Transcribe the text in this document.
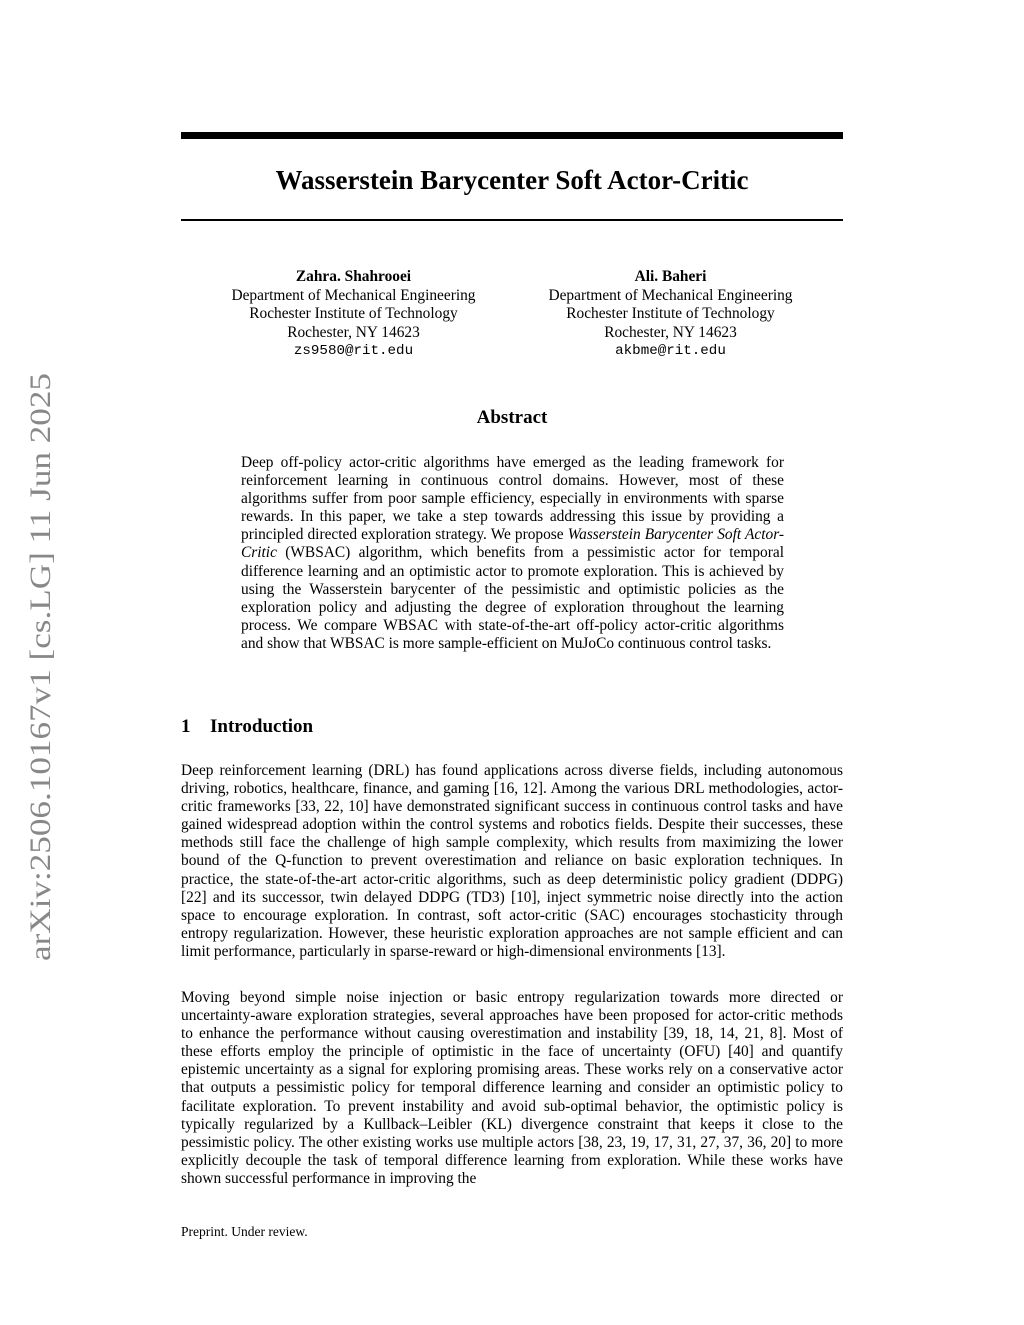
arXiv:2506.10167v1 [cs.LG] 11 Jun 2025
Wasserstein Barycenter Soft Actor-Critic
Zahra. Shahrooei
Department of Mechanical Engineering
Rochester Institute of Technology
Rochester, NY 14623
zs9580@rit.edu
Ali. Baheri
Department of Mechanical Engineering
Rochester Institute of Technology
Rochester, NY 14623
akbme@rit.edu
Abstract
Deep off-policy actor-critic algorithms have emerged as the leading framework for reinforcement learning in continuous control domains. However, most of these algorithms suffer from poor sample efficiency, especially in environments with sparse rewards. In this paper, we take a step towards addressing this issue by providing a principled directed exploration strategy. We propose Wasserstein Barycenter Soft Actor-Critic (WBSAC) algorithm, which benefits from a pessimistic actor for temporal difference learning and an optimistic actor to promote exploration. This is achieved by using the Wasserstein barycenter of the pessimistic and optimistic policies as the exploration policy and adjusting the degree of exploration throughout the learning process. We compare WBSAC with state-of-the-art off-policy actor-critic algorithms and show that WBSAC is more sample-efficient on MuJoCo continuous control tasks.
1 Introduction
Deep reinforcement learning (DRL) has found applications across diverse fields, including autonomous driving, robotics, healthcare, finance, and gaming [16, 12]. Among the various DRL methodologies, actor-critic frameworks [33, 22, 10] have demonstrated significant success in continuous control tasks and have gained widespread adoption within the control systems and robotics fields. Despite their successes, these methods still face the challenge of high sample complexity, which results from maximizing the lower bound of the Q-function to prevent overestimation and reliance on basic exploration techniques. In practice, the state-of-the-art actor-critic algorithms, such as deep deterministic policy gradient (DDPG) [22] and its successor, twin delayed DDPG (TD3) [10], inject symmetric noise directly into the action space to encourage exploration. In contrast, soft actor-critic (SAC) encourages stochasticity through entropy regularization. However, these heuristic exploration approaches are not sample efficient and can limit performance, particularly in sparse-reward or high-dimensional environments [13].
Moving beyond simple noise injection or basic entropy regularization towards more directed or uncertainty-aware exploration strategies, several approaches have been proposed for actor-critic methods to enhance the performance without causing overestimation and instability [39, 18, 14, 21, 8]. Most of these efforts employ the principle of optimistic in the face of uncertainty (OFU) [40] and quantify epistemic uncertainty as a signal for exploring promising areas. These works rely on a conservative actor that outputs a pessimistic policy for temporal difference learning and consider an optimistic policy to facilitate exploration. To prevent instability and avoid sub-optimal behavior, the optimistic policy is typically regularized by a Kullback–Leibler (KL) divergence constraint that keeps it close to the pessimistic policy. The other existing works use multiple actors [38, 23, 19, 17, 31, 27, 37, 36, 20] to more explicitly decouple the task of temporal difference learning from exploration. While these works have shown successful performance in improving the
Preprint. Under review.
